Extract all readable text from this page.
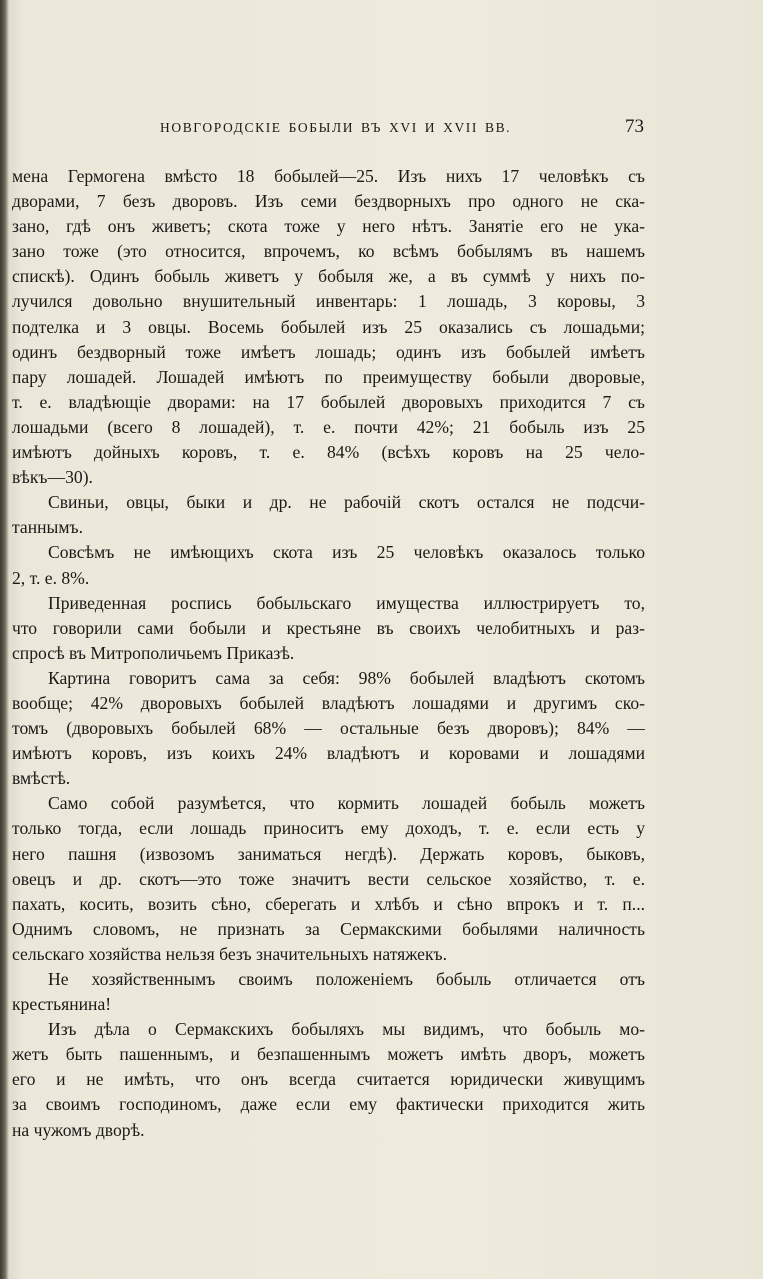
НОВГОРОДСКІЕ БОБЫЛИ ВЪ XVI И XVII ВВ.	73
мена Гермогена вмѣсто 18 бобылей—25. Изъ нихъ 17 человѣкъ съ
дворами, 7 безъ дворовъ. Изъ семи бездворныхъ про одного не ска-
зано, гдѣ онъ живетъ; скота тоже у него нѣтъ. Занятіе его не ука-
зано тоже (это относится, впрочемъ, ко всѣмъ бобылямъ въ нашемъ
спискѣ). Одинъ бобыль живетъ у бобыля же, а въ суммѣ у нихъ по-
лучился довольно внушительный инвентарь: 1 лошадь, 3 коровы, 3
подтелка и 3 овцы. Восемь бобылей изъ 25 оказались съ лошадьми;
одинъ бездворный тоже имѣетъ лошадь; одинъ изъ бобылей имѣетъ
пару лошадей. Лошадей имѣютъ по преимуществу бобыли дворовые,
т. е. владѣющіе дворами: на 17 бобылей дворовыхъ приходится 7 съ
лошадьми (всего 8 лошадей), т. е. почти 42%; 21 бобыль изъ 25
имѣютъ дойныхъ коровъ, т. е. 84% (всѣхъ коровъ на 25 чело-
вѣкъ—30).
Свиньи, овцы, быки и др. не рабочій скотъ остался не подсчи-
таннымъ.
Совсѣмъ не имѣющихъ скота изъ 25 человѣкъ оказалось только
2, т. е. 8%.
Приведенная роспись бобыльскаго имущества иллюстрируетъ то,
что говорили сами бобыли и крестьяне въ своихъ челобитныхъ и раз-
спросѣ въ Митрополичьемъ Приказѣ.
Картина говоритъ сама за себя: 98% бобылей владѣютъ скотомъ
вообще; 42% дворовыхъ бобылей владѣютъ лошадями и другимъ ско-
томъ (дворовыхъ бобылей 68% — остальные безъ дворовъ); 84% —
имѣютъ коровъ, изъ коихъ 24% владѣютъ и коровами и лошадями
вмѣстѣ.
Само собой разумѣется, что кормить лошадей бобыль можетъ
только тогда, если лошадь приноситъ ему доходъ, т. е. если есть у
него пашня (извозомъ заниматься негдѣ). Держать коровъ, быковъ,
овецъ и др. скотъ—это тоже значитъ вести сельское хозяйство, т. е.
пахать, косить, возить сѣно, сберегать и хлѣбъ и сѣно впрокъ и т. п...
Однимъ словомъ, не признать за Сермакскими бобылями наличность
сельскаго хозяйства нельзя безъ значительныхъ натяжекъ.
Не хозяйственнымъ своимъ положеніемъ бобыль отличается отъ
крестьянина!
Изъ дѣла о Сермакскихъ бобыляхъ мы видимъ, что бобыль мо-
жетъ быть пашеннымъ, и безпашеннымъ можетъ имѣть дворъ, можетъ
его и не имѣть, что онъ всегда считается юридически живущимъ
за своимъ господиномъ, даже если ему фактически приходится жить
на чужомъ дворѣ.
